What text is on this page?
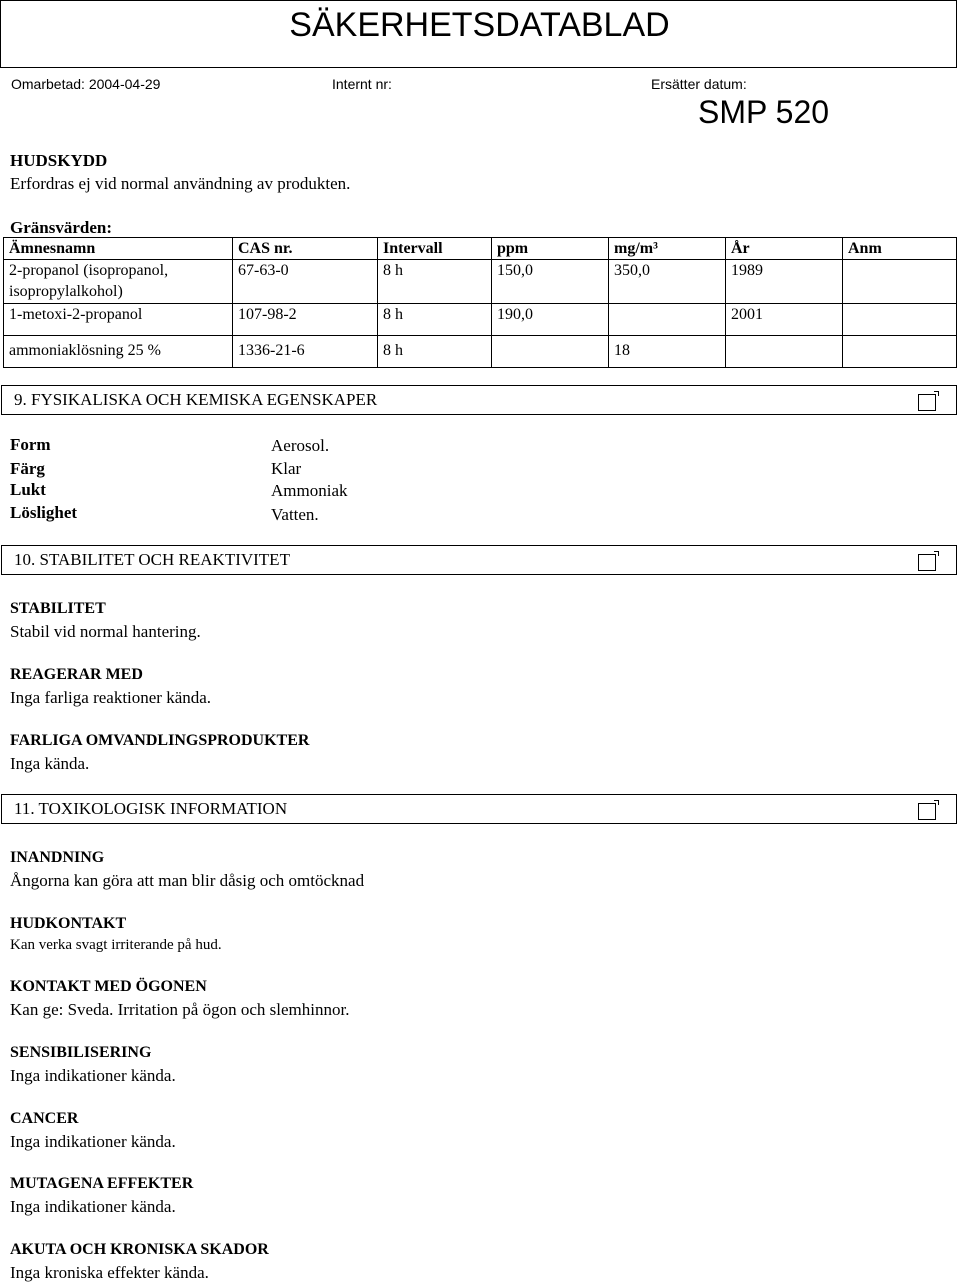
SÄKERHETSDATABLAD
Omarbetad: 2004-04-29	Internt nr:	Ersätter datum:
SMP 520
HUDSKYDD
Erfordras ej vid normal användning av produkten.
Gränsvärden:
Ämnesnamn	CAS nr.	Intervall	ppm	mg/m³	År	Anm
2-propanol (isopropanol, isopropylalkohol)	67-63-0	8 h	150,0	350,0	1989	
1-metoxi-2-propanol	107-98-2	8 h	190,0		2001	
ammoniaklösning 25 %	1336-21-6	8 h		18		
9. FYSIKALISKA OCH KEMISKA EGENSKAPER
Form	Aerosol.
Färg	Klar
Lukt	Ammoniak
Löslighet	Vatten.
10. STABILITET OCH REAKTIVITET
STABILITET
Stabil vid normal hantering.
REAGERAR MED
Inga farliga reaktioner kända.
FARLIGA OMVANDLINGSPRODUKTER
Inga kända.
11. TOXIKOLOGISK INFORMATION
INANDNING
Ångorna kan göra att man blir dåsig och omtöcknad
HUDKONTAKT
Kan verka svagt irriterande på hud.
KONTAKT MED ÖGONEN
Kan ge: Sveda. Irritation på ögon och slemhinnor.
SENSIBILISERING
Inga indikationer kända.
CANCER
Inga indikationer kända.
MUTAGENA EFFEKTER
Inga indikationer kända.
AKUTA OCH KRONISKA SKADOR
Inga kroniska effekter kända.
